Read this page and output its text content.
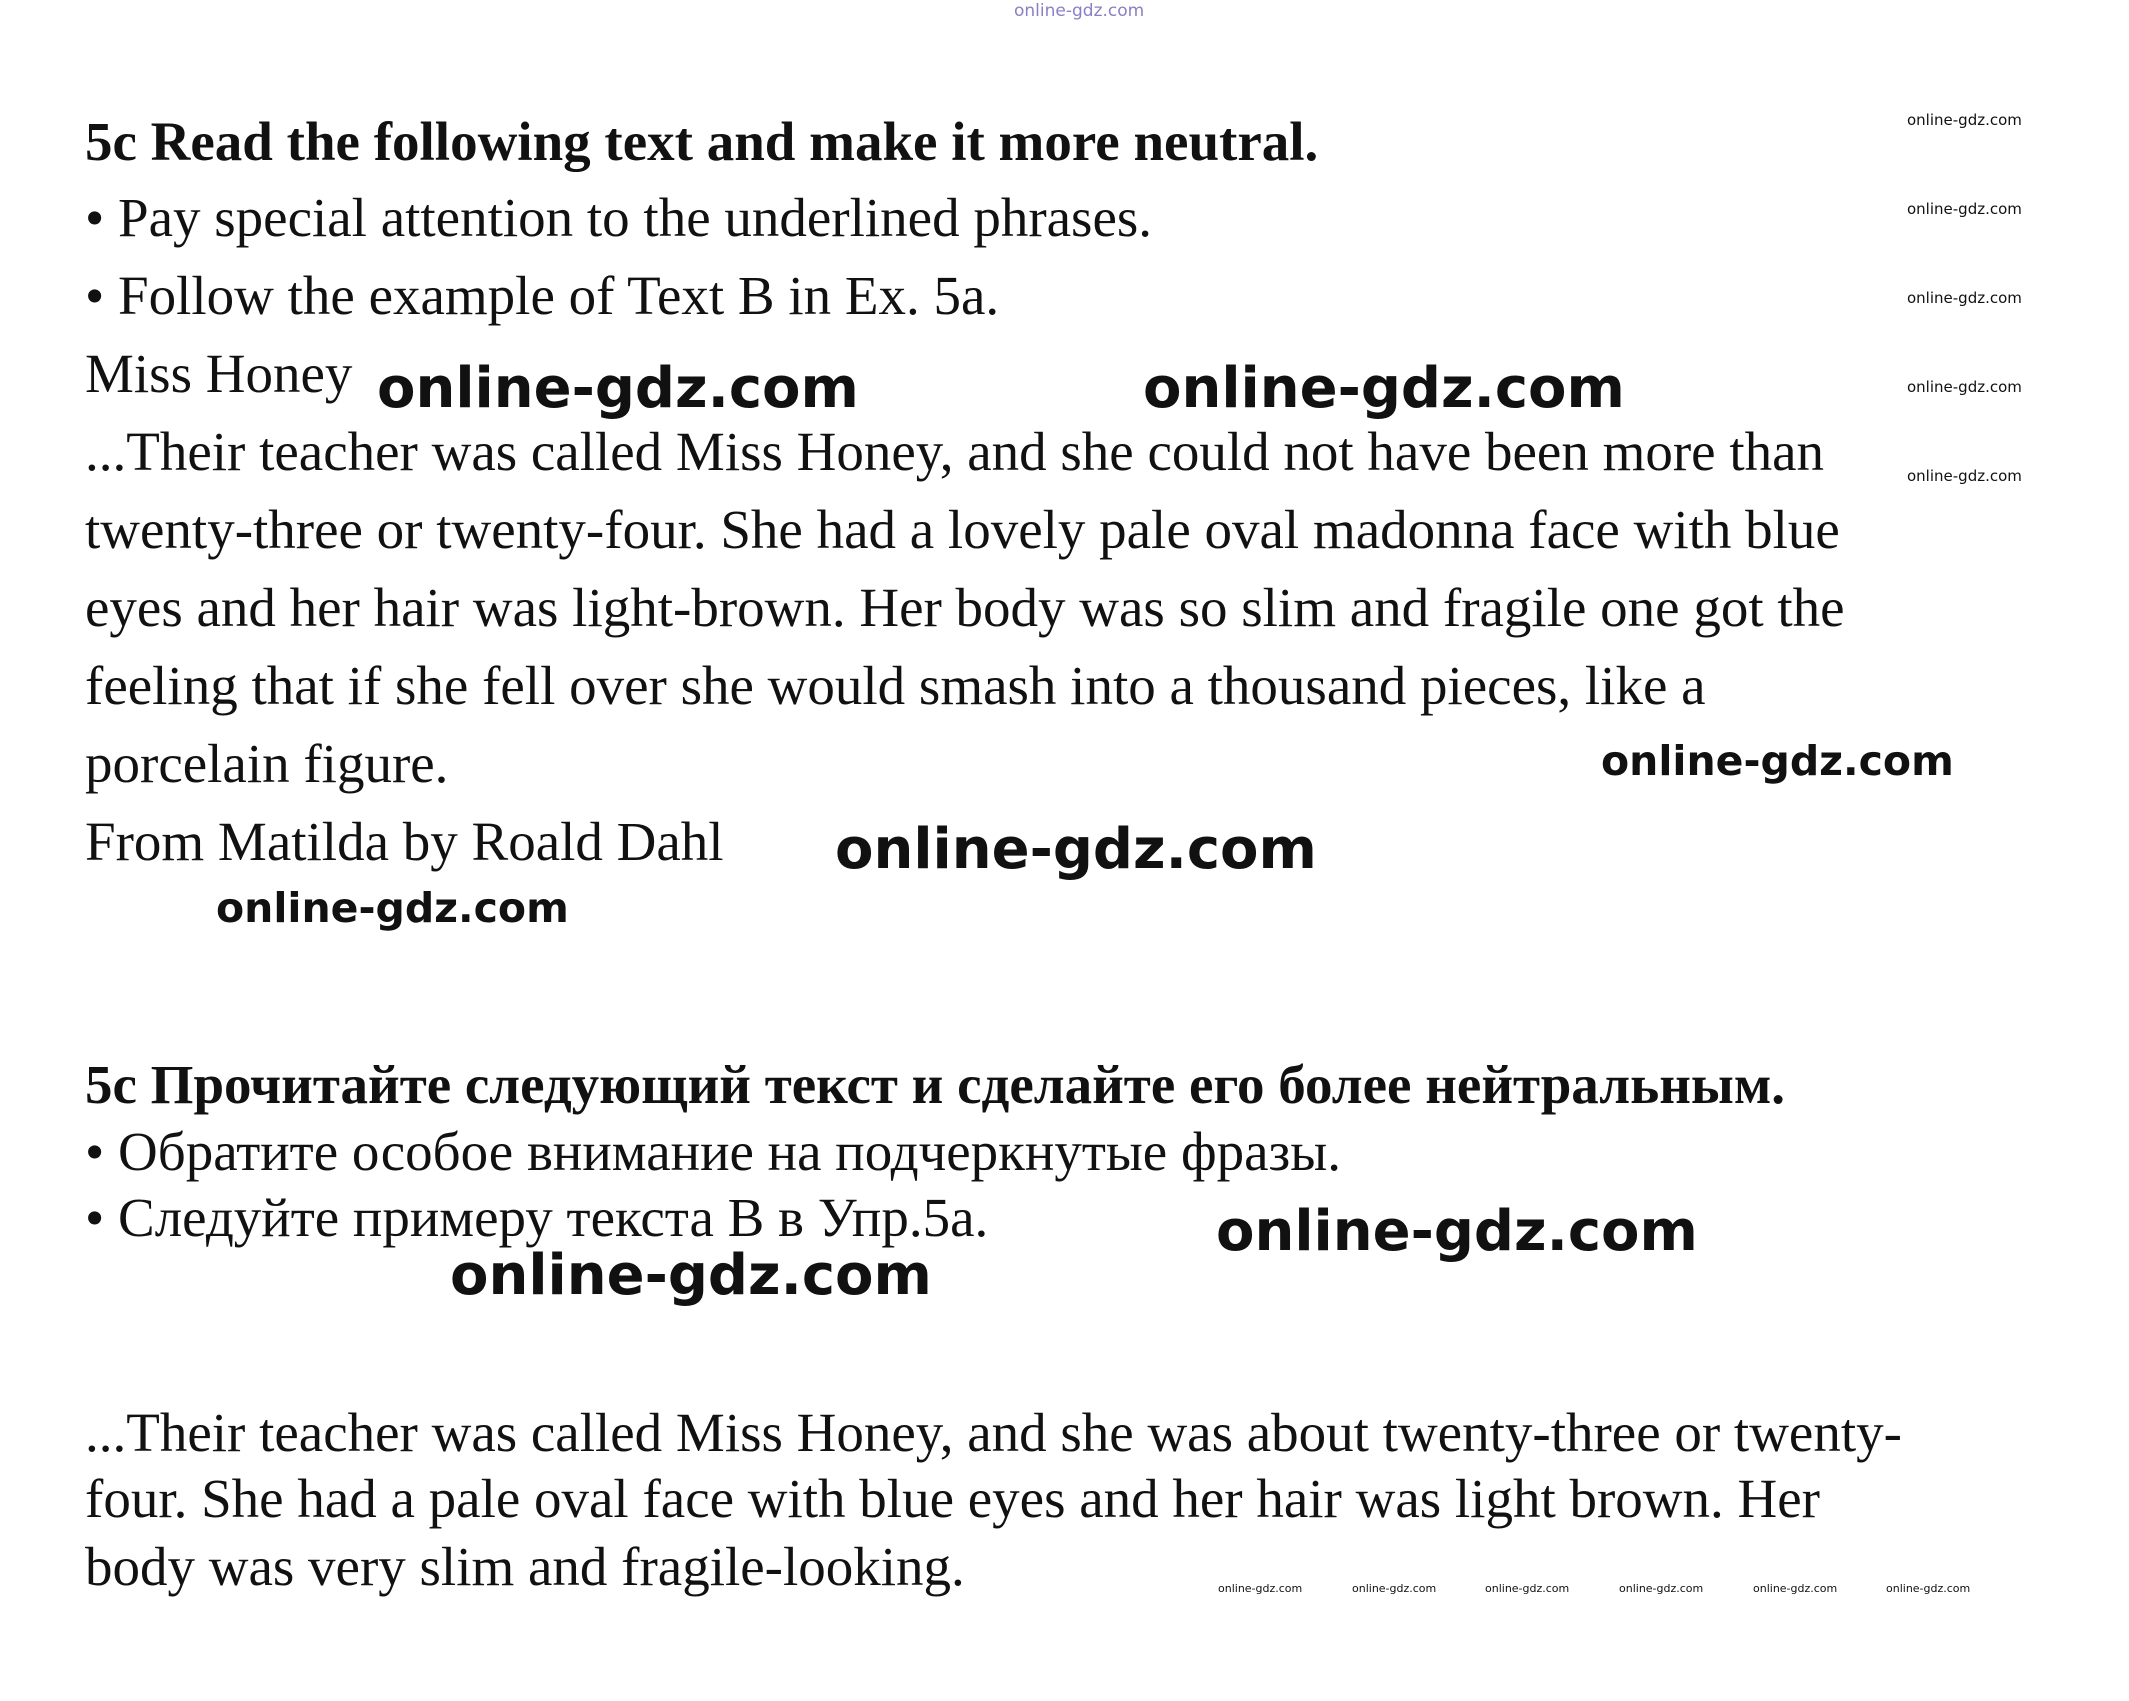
online-gdz.com
5c Read the following text and make it more neutral.
• Pay special attention to the underlined phrases.
• Follow the example of Text B in Ex. 5a.
Miss Honey
...Their teacher was called Miss Honey, and she could not have been more than
twenty-three or twenty-four. She had a lovely pale oval madonna face with blue
eyes and her hair was light-brown. Her body was so slim and fragile one got the
feeling that if she fell over she would smash into a thousand pieces, like a
porcelain figure.
From Matilda by Roald Dahl
5c Прочитайте следующий текст и сделайте его более нейтральным.
• Обратите особое внимание на подчеркнутые фразы.
• Следуйте примеру текста В в Упр.5а.
...Their teacher was called Miss Honey, and she was about twenty-three or twenty-
four. She had a pale oval face with blue eyes and her hair was light brown. Her
body was very slim and fragile-looking.
online-gdz.com	online-gdz.com
online-gdz.com
online-gdz.com
online-gdz.com
online-gdz.com
online-gdz.com
online-gdz.com
online-gdz.com
online-gdz.com
online-gdz.com
online-gdz.com
online-gdz.com	online-gdz.com	online-gdz.com	online-gdz.com	online-gdz.com	online-gdz.com
